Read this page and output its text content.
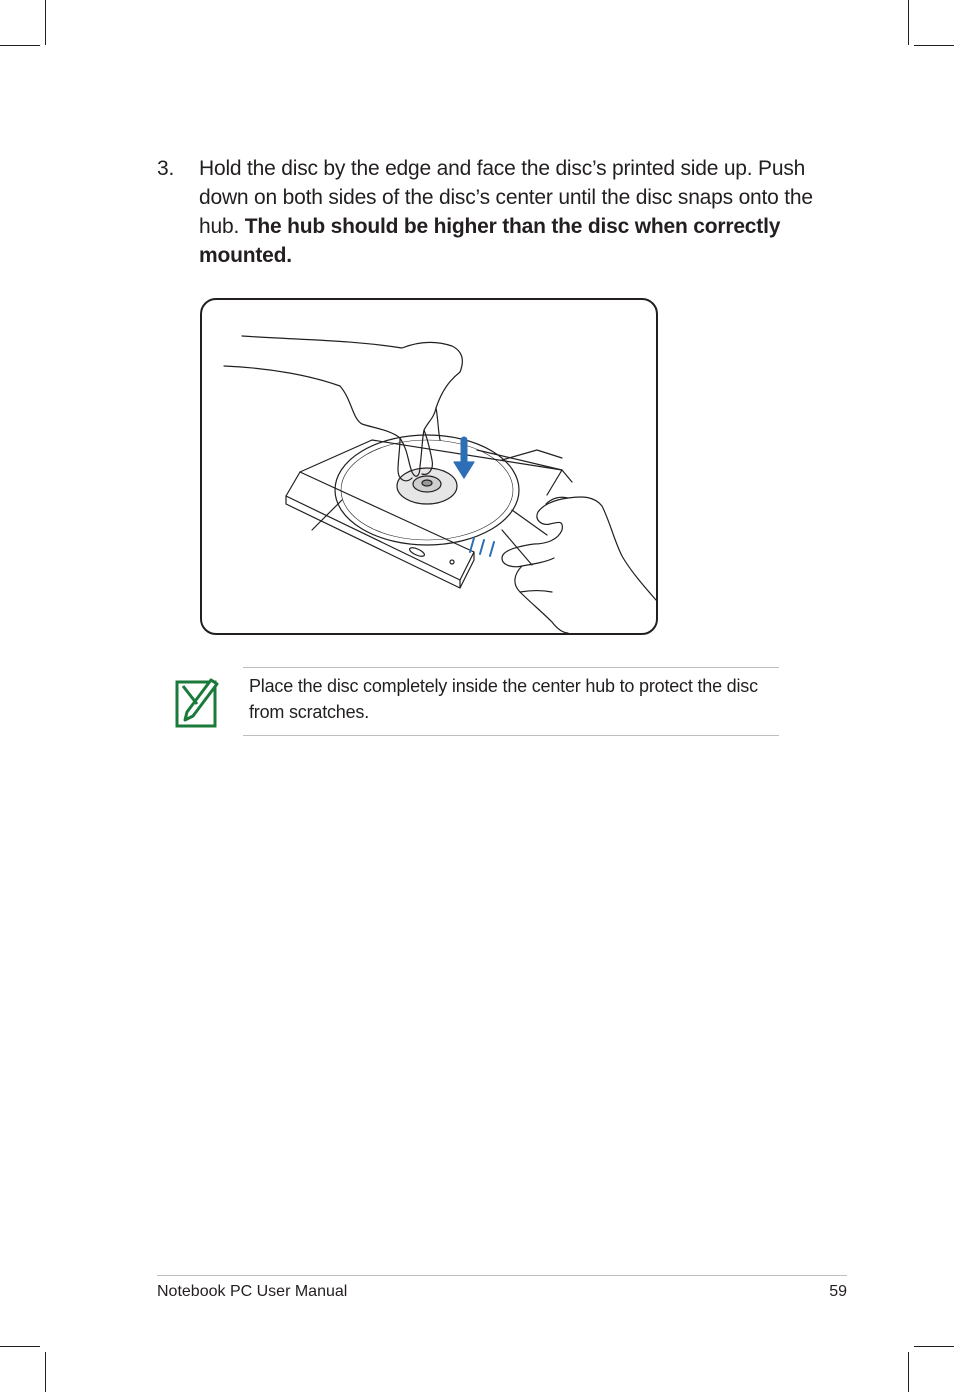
3. Hold the disc by the edge and face the disc’s printed side up. Push down on both sides of the disc’s center until the disc snaps onto the hub. The hub should be higher than the disc when correctly mounted.
Place the disc completely inside the center hub to protect the disc from scratches.
Notebook PC User Manual	59
